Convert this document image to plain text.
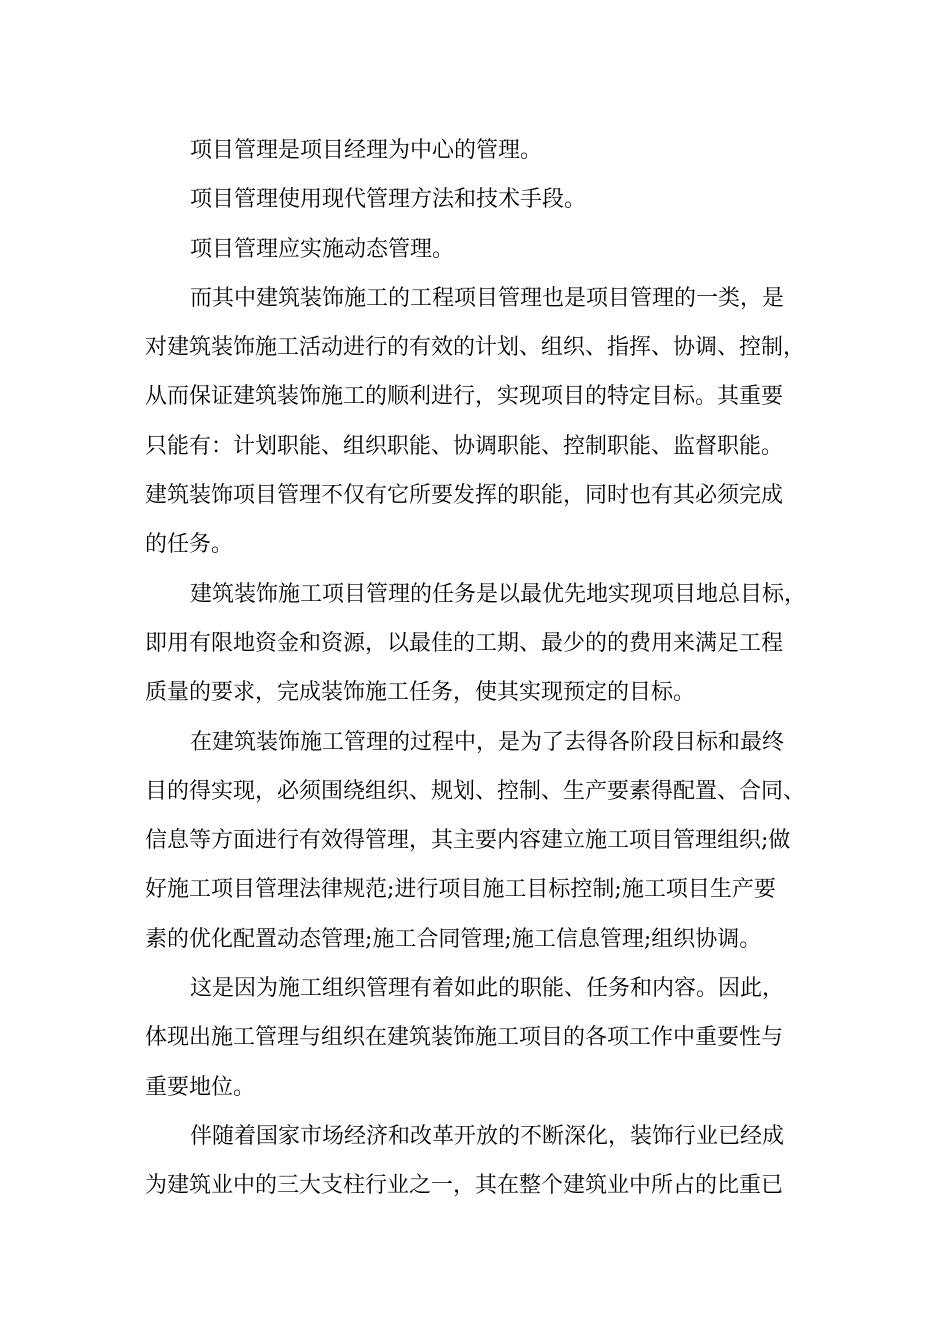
项目管理是项目经理为中心的管理。

项目管理使用现代管理方法和技术手段。

项目管理应实施动态管理。

而其中建筑装饰施工的工程项目管理也是项目管理的一类，是
对建筑装饰施工活动进行的有效的计划、组织、指挥、协调、控制，
从而保证建筑装饰施工的顺利进行，实现项目的特定目标。其重要
只能有：计划职能、组织职能、协调职能、控制职能、监督职能。
建筑装饰项目管理不仅有它所要发挥的职能，同时也有其必须完成
的任务。

建筑装饰施工项目管理的任务是以最优先地实现项目地总目标，
即用有限地资金和资源，以最佳的工期、最少的的费用来满足工程
质量的要求，完成装饰施工任务，使其实现预定的目标。

在建筑装饰施工管理的过程中，是为了去得各阶段目标和最终
目的得实现，必须围绕组织、规划、控制、生产要素得配置、合同、
信息等方面进行有效得管理，其主要内容建立施工项目管理组织;做
好施工项目管理法律规范;进行项目施工目标控制;施工项目生产要
素的优化配置动态管理;施工合同管理;施工信息管理;组织协调。

这是因为施工组织管理有着如此的职能、任务和内容。因此，
体现出施工管理与组织在建筑装饰施工项目的各项工作中重要性与
重要地位。

伴随着国家市场经济和改革开放的不断深化，装饰行业已经成
为建筑业中的三大支柱行业之一，其在整个建筑业中所占的比重已
